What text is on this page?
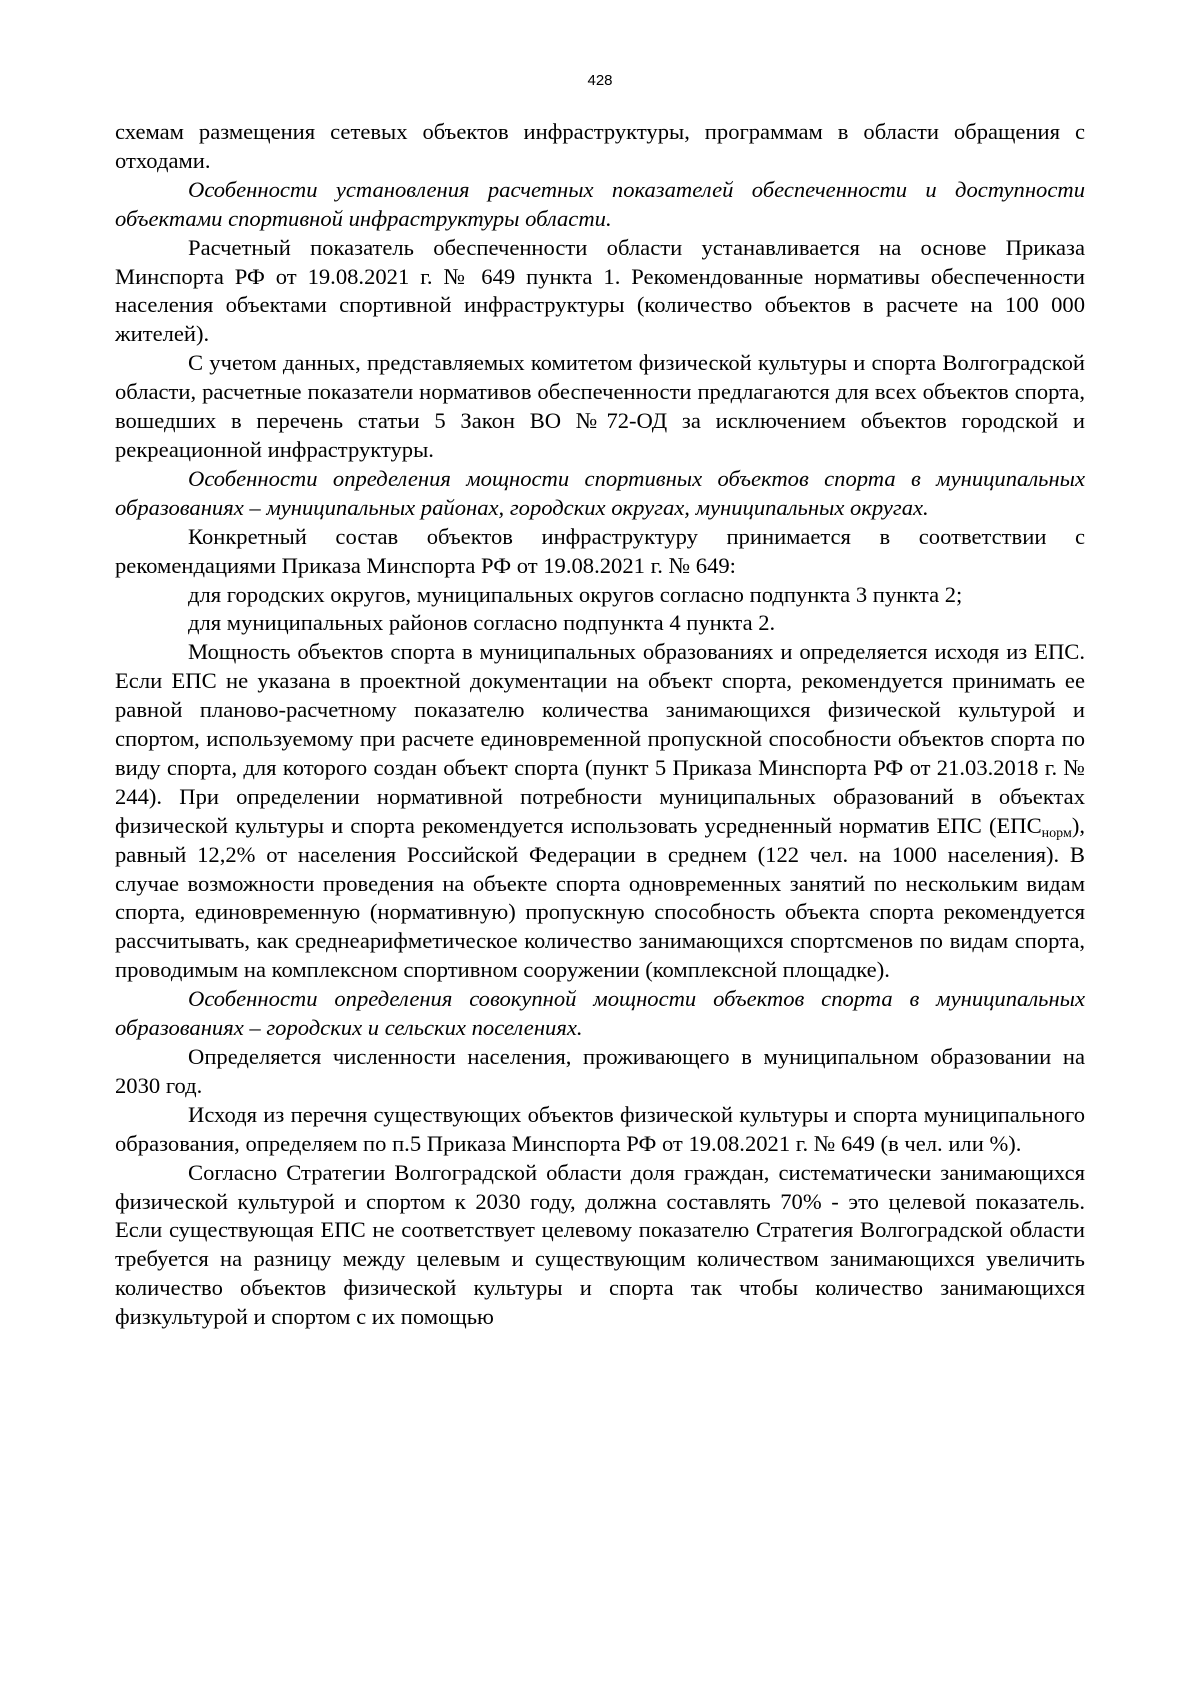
428

схемам размещения сетевых объектов инфраструктуры, программам в области обращения с отходами.

Особенности установления расчетных показателей обеспеченности и доступности объектами спортивной инфраструктуры области.

Расчетный показатель обеспеченности области устанавливается на основе Приказа Минспорта РФ от 19.08.2021 г. № 649 пункта 1. Рекомендованные нормативы обеспеченности населения объектами спортивной инфраструктуры (количество объектов в расчете на 100 000 жителей).

С учетом данных, представляемых комитетом физической культуры и спорта Волгоградской области, расчетные показатели нормативов обеспеченности предлагаются для всех объектов спорта, вошедших в перечень статьи 5 Закон ВО №72-ОД за исключением объектов городской и рекреационной инфраструктуры.

Особенности определения мощности спортивных объектов спорта в муниципальных образованиях – муниципальных районах, городских округах, муниципальных округах.

Конкретный состав объектов инфраструктуру принимается в соответствии с рекомендациями Приказа Минспорта РФ от 19.08.2021 г. № 649:

для городских округов, муниципальных округов согласно подпункта 3 пункта 2;

для муниципальных районов согласно подпункта 4 пункта 2.

Мощность объектов спорта в муниципальных образованиях и определяется исходя из ЕПС. Если ЕПС не указана в проектной документации на объект спорта, рекомендуется принимать ее равной планово-расчетному показателю количества занимающихся физической культурой и спортом, используемому при расчете единовременной пропускной способности объектов спорта по виду спорта, для которого создан объект спорта (пункт 5 Приказа Минспорта РФ от 21.03.2018 г. № 244). При определении нормативной потребности муниципальных образований в объектах физической культуры и спорта рекомендуется использовать усредненный норматив ЕПС $(ЕПС_{норм})$, равный 12,2% от населения Российской Федерации в среднем (122 чел. на 1000 населения). В случае возможности проведения на объекте спорта одновременных занятий по нескольким видам спорта, единовременную (нормативную) пропускную способность объекта спорта рекомендуется рассчитывать, как среднеарифметическое количество занимающихся спортсменов по видам спорта, проводимым на комплексном спортивном сооружении (комплексной площадке).

Особенности определения совокупной мощности объектов спорта в муниципальных образованиях – городских и сельских поселениях.

Определяется численности населения, проживающего в муниципальном образовании на 2030 год.

Исходя из перечня существующих объектов физической культуры и спорта муниципального образования, определяем по п.5 Приказа Минспорта РФ от 19.08.2021 г. № 649 (в чел. или %).

Согласно Стратегии Волгоградской области доля граждан, систематически занимающихся физической культурой и спортом к 2030 году, должна составлять 70% - это целевой показатель. Если существующая ЕПС не соответствует целевому показателю Стратегия Волгоградской области требуется на разницу между целевым и существующим количеством занимающихся увеличить количество объектов физической культуры и спорта так чтобы количество занимающихся физкультурой и спортом с их помощью
